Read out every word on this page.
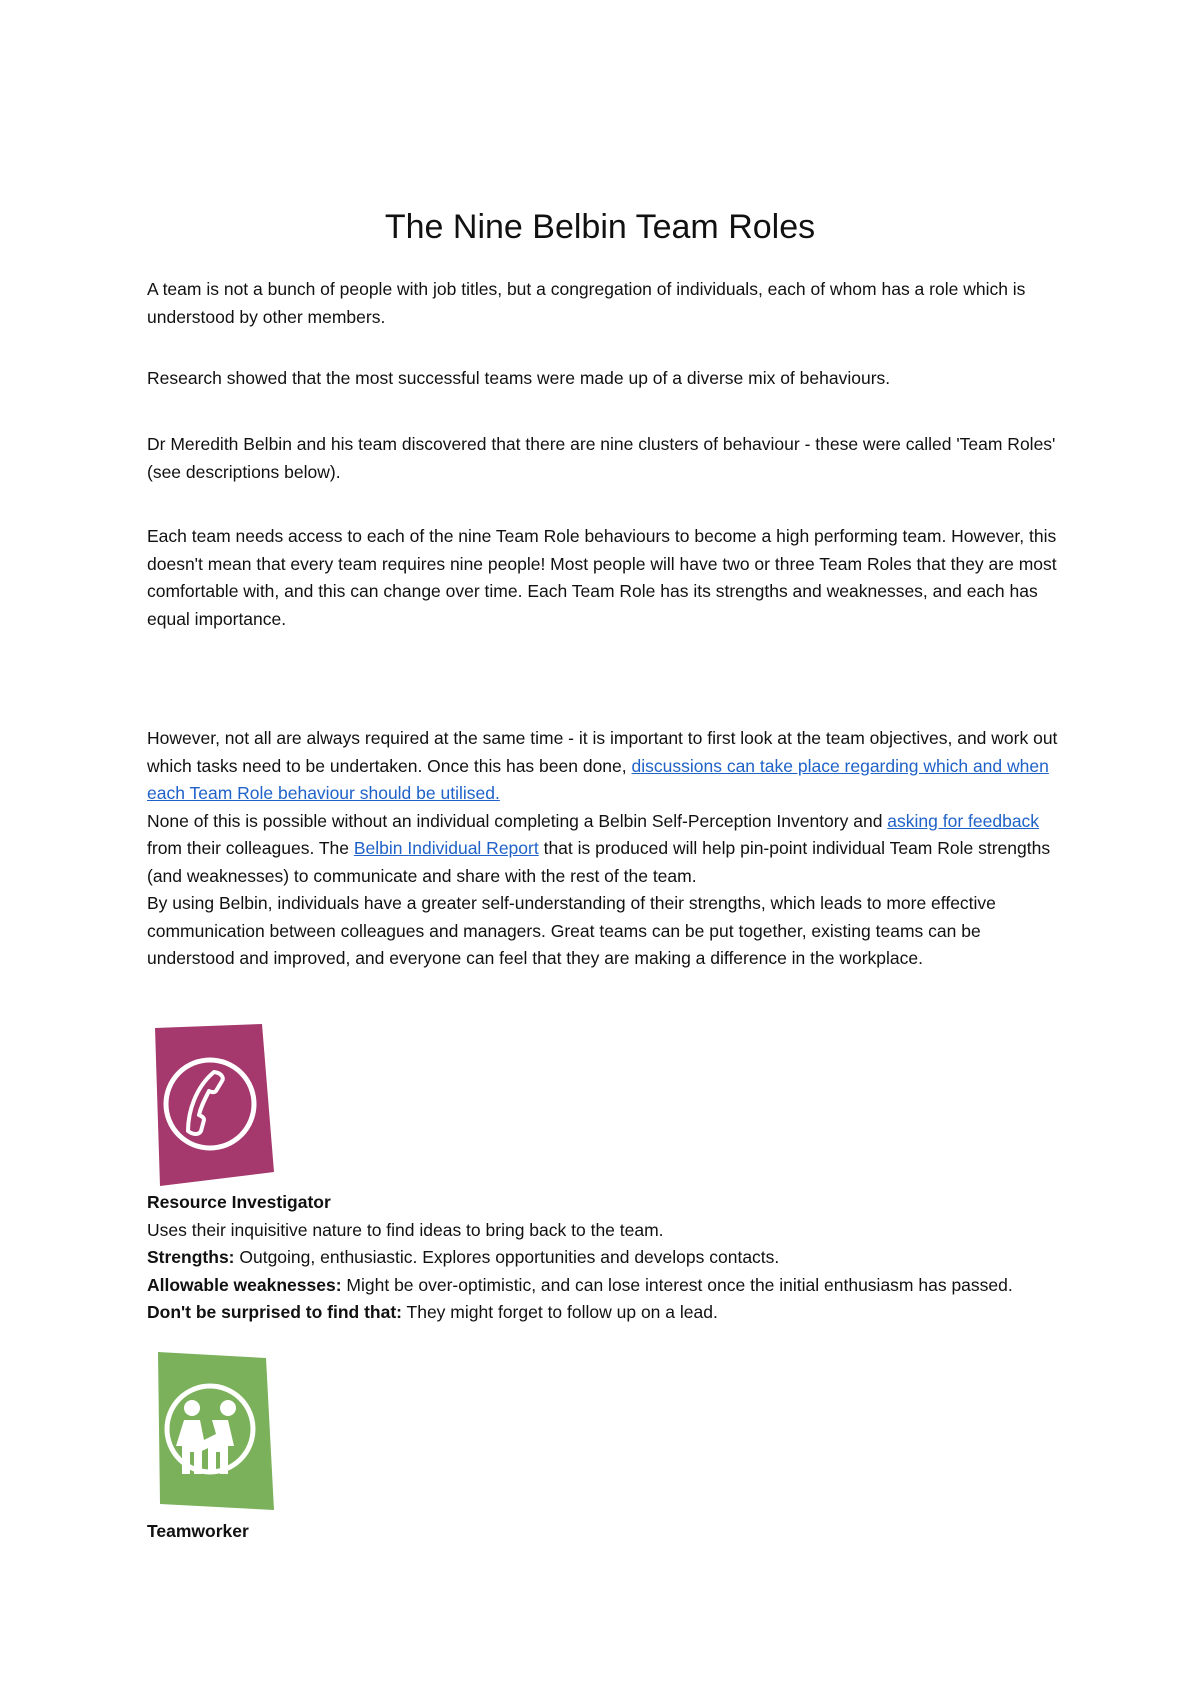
The Nine Belbin Team Roles

A team is not a bunch of people with job titles, but a congregation of individuals, each of whom has a role which is understood by other members.

Research showed that the most successful teams were made up of a diverse mix of behaviours.

Dr Meredith Belbin and his team discovered that there are nine clusters of behaviour - these were called 'Team Roles' (see descriptions below).

Each team needs access to each of the nine Team Role behaviours to become a high performing team. However, this doesn't mean that every team requires nine people! Most people will have two or three Team Roles that they are most comfortable with, and this can change over time. Each Team Role has its strengths and weaknesses, and each has equal importance.

However, not all are always required at the same time - it is important to first look at the team objectives, and work out which tasks need to be undertaken. Once this has been done, discussions can take place regarding which and when each Team Role behaviour should be utilised.
None of this is possible without an individual completing a Belbin Self-Perception Inventory and asking for feedback from their colleagues. The Belbin Individual Report that is produced will help pin-point individual Team Role strengths (and weaknesses) to communicate and share with the rest of the team.
By using Belbin, individuals have a greater self-understanding of their strengths, which leads to more effective communication between colleagues and managers. Great teams can be put together, existing teams can be understood and improved, and everyone can feel that they are making a difference in the workplace.

Resource Investigator
Uses their inquisitive nature to find ideas to bring back to the team.
Strengths: Outgoing, enthusiastic. Explores opportunities and develops contacts.
Allowable weaknesses: Might be over-optimistic, and can lose interest once the initial enthusiasm has passed.
Don't be surprised to find that: They might forget to follow up on a lead.
Teamworker
